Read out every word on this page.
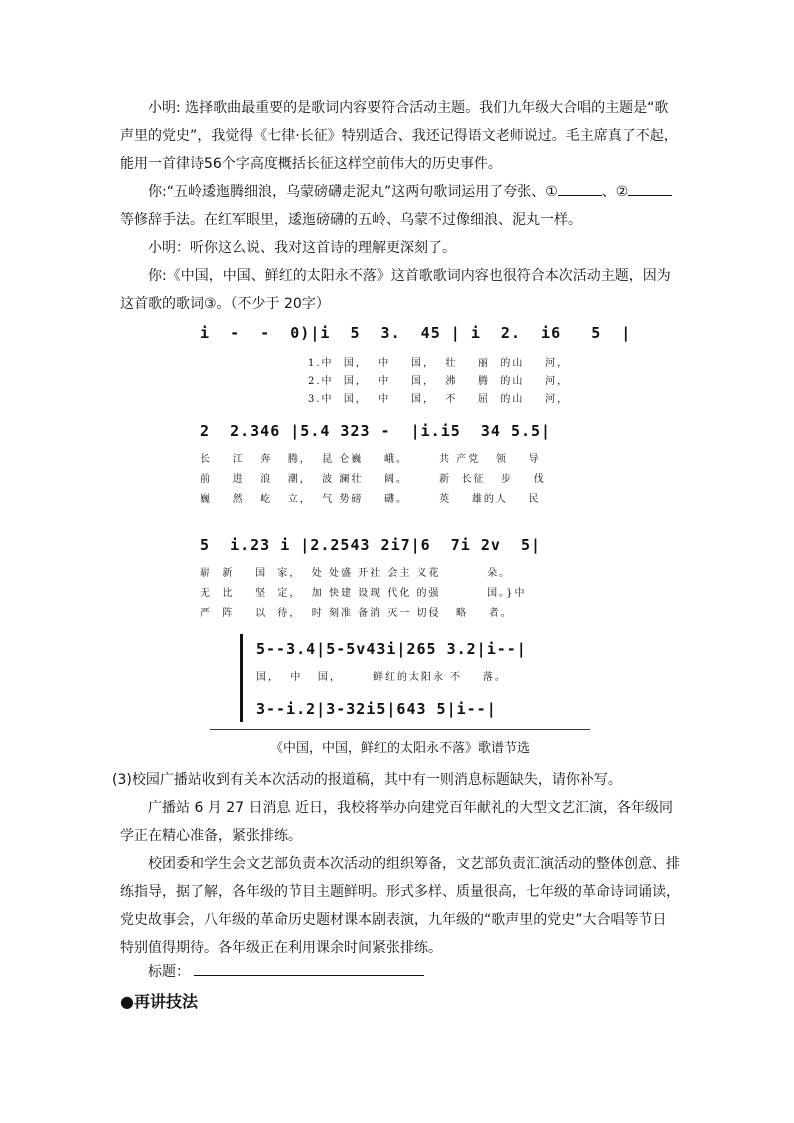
小明: 选择歌曲最重要的是歌词内容要符合活动主题。我们九年级大合唱的主题是“歌声里的党史”，我觉得《七律·长征》特别适合、我还记得语文老师说过。毛主席真了不起，能用一首律诗56个字高度概括长征这样空前伟大的历史事件。

你:“五岭逶迤腾细浪，乌蒙磅礴走泥丸”这两句歌词运用了夸张、①	、②等修辞手法。在红军眼里，逶迤磅礴的五岭、乌蒙不过像细浪、泥丸一样。

小明：听你这么说、我对这首诗的理解更深刻了。

你:《中国，中国、鲜红的太阳永不落》这首歌歌词内容也很符合本次活动主题，因为这首歌的歌词③。（不少于 20字）

i  -  -  0)|i  5  3.  45 | i  2.  i6   5  |
1.中  国，  中    国，  壮    丽  的山    河，
2.中  国，  中    国，  沸    腾  的山    河，
3.中  国，  中    国，  不    屈  的山    河，
2  2.346 |5.4 323 -  |i.i5  34 5.5|
长    江   奔   腾，  昆 仑巍    峨。      共 产党   领    导
前    进   浪   潮，  波 澜壮    阔。      新  长征   步    伐
巍    然   屹   立，  气 势磅    礴。      英    雄的人    民
5  i.23 i |2.2543 2i7|6  7i 2v  5|
崭  新    国  家，  处 处盛 开社 会主 义花         朵。
无  比    坚  定，  加 快建 设现 代化 的强         国。}中
严  阵    以  待，  时 刻准 备消 灭一 切侵   略    者。
5--3.4|5-5v43i|265 3.2|i--|
国，  中   国，      鲜红的太阳永 不    落。
3--i.2|3-32i5|643 5|i--|
《中国，中国，鲜红的太阳永不落》歌谱节选

(3)校园广播站收到有关本次活动的报道稿，其中有一则消息标题缺失，请你补写。

广播站 6 月 27 日消息 近日，我校将举办向建党百年献礼的大型文艺汇演，各年级同学正在精心准备，紧张排练。

校团委和学生会文艺部负责本次活动的组织筹备，文艺部负责汇演活动的整体创意、排练指导，据了解，各年级的节目主题鲜明。形式多样、质量很高，七年级的革命诗词诵读，党史故事会，八年级的革命历史题材课本剧表演，九年级的“歌声里的党史”大合唱等节日特别值得期待。各年级正在利用课余时间紧张排练。

标题：

●再讲技法
